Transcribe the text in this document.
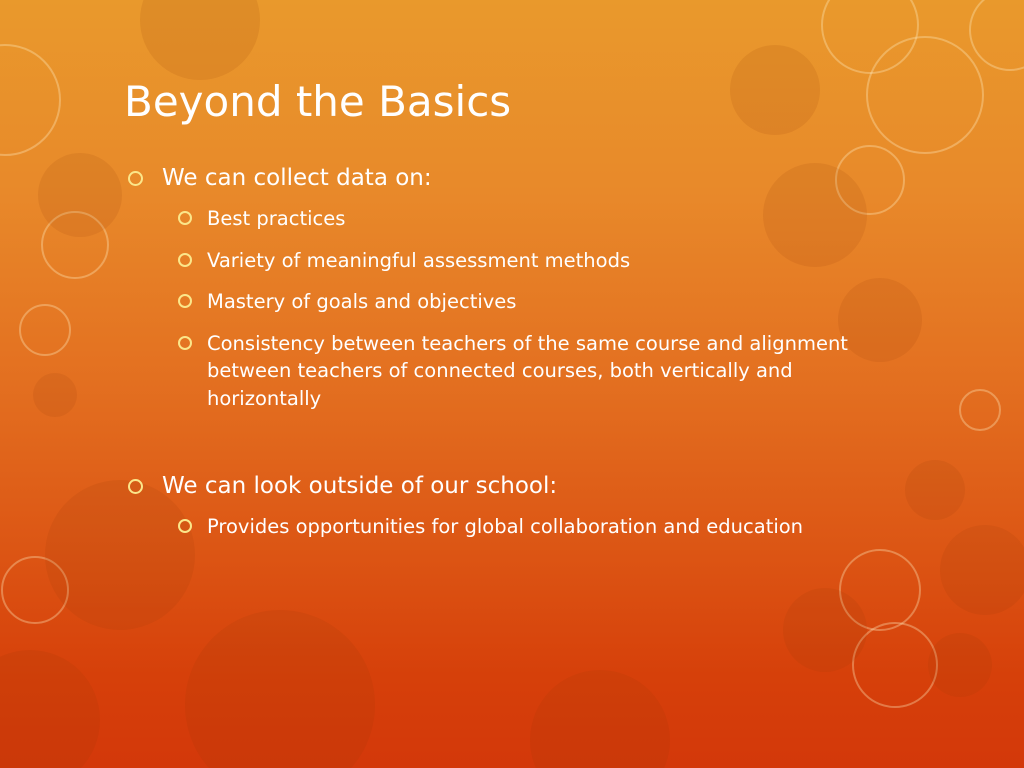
Beyond the Basics
We can collect data on:
Best practices
Variety of meaningful assessment methods
Mastery of goals and objectives
Consistency between teachers of the same course and alignment between teachers of connected courses, both vertically and horizontally
We can look outside of our school:
Provides opportunities for global collaboration and education
